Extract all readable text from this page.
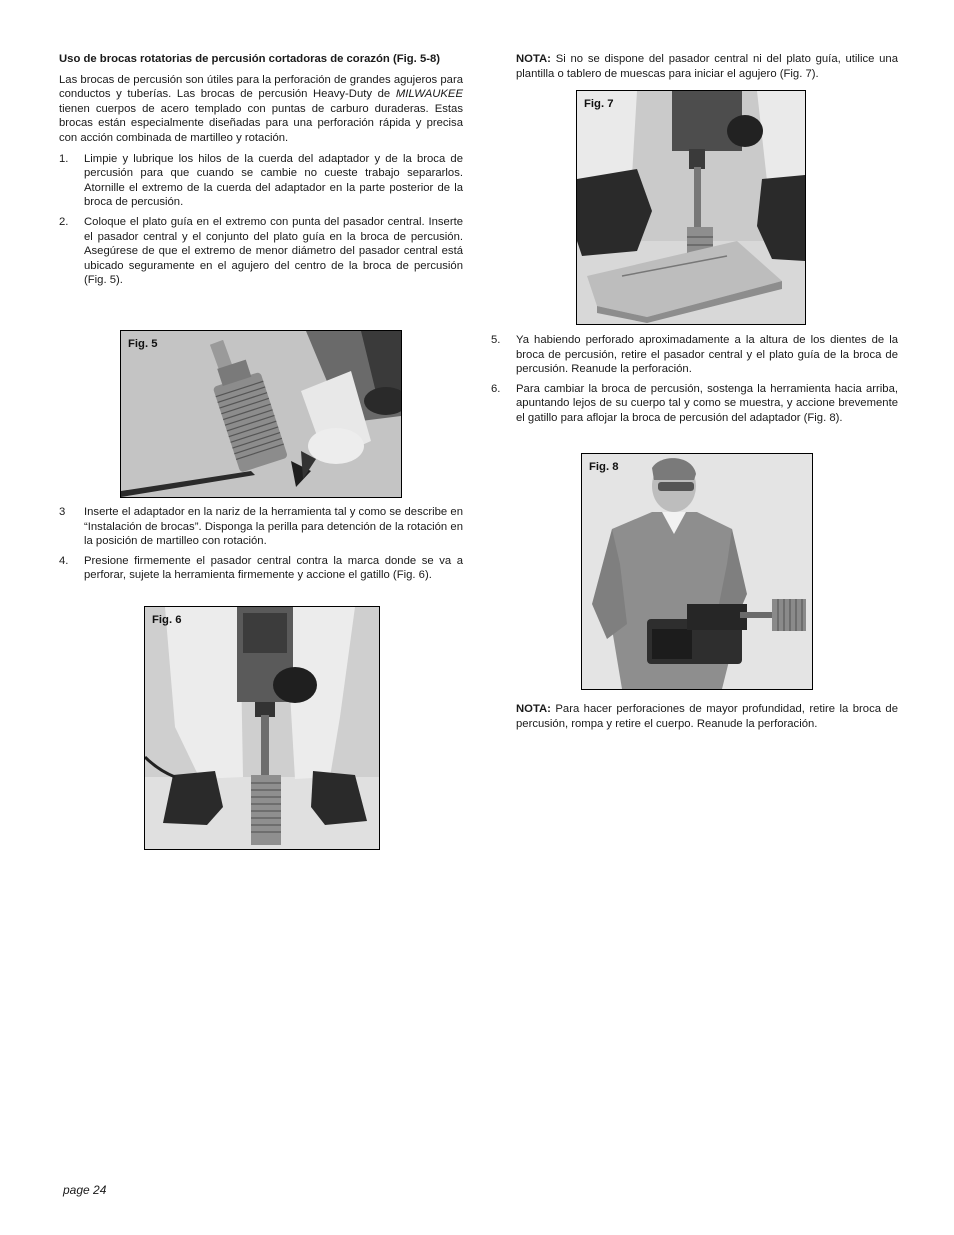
Uso de brocas rotatorias de percusión cortadoras de corazón (Fig. 5-8)

Las brocas de percusión son útiles para la perforación de grandes agujeros para conductos y tuberías. Las brocas de percusión Heavy-Duty de MILWAUKEE tienen cuerpos de acero templado con puntas de carburo duraderas. Estas brocas están especialmente diseñadas para una perforación rápida y precisa con acción combinada de martilleo y rotación.

1. Limpie y lubrique los hilos de la cuerda del adaptador y de la broca de percusión para que cuando se cambie no cueste trabajo separarlos. Atornille el extremo de la cuerda del adaptador en la parte posterior de la broca de percusión.
2. Coloque el plato guía en el extremo con punta del pasador central. Inserte el pasador central y el conjunto del plato guía en la broca de percusión. Asegúrese de que el extremo de menor diámetro del pasador central está ubicado seguramente en el agujero del centro de la broca de percusión (Fig. 5).
Fig. 5
3 Inserte el adaptador en la nariz de la herramienta tal y como se describe en “Instalación de brocas”. Disponga la perilla para detención de la rotación en la posición de martilleo con rotación.
4. Presione firmemente el pasador central contra la marca donde se va a perforar, sujete la herramienta firmemente y accione el gatillo (Fig. 6).
Fig. 6

NOTA: Si no se dispone del pasador central ni del plato guía, utilice una plantilla o tablero de muescas para iniciar el agujero (Fig. 7).

Fig. 7
5. Ya habiendo perforado aproximadamente a la altura de los dientes de la broca de percusión, retire el pasador central y el plato guía de la broca de percusión. Reanude la perforación.
6. Para cambiar la broca de percusión, sostenga la herramienta hacia arriba, apuntando lejos de su cuerpo tal y como se muestra, y accione brevemente el gatillo para aflojar la broca de percusión del adaptador (Fig. 8).
Fig. 8

NOTA: Para hacer perforaciones de mayor profundidad, retire la broca de percusión, rompa y retire el cuerpo. Reanude la perforación.

page 24
